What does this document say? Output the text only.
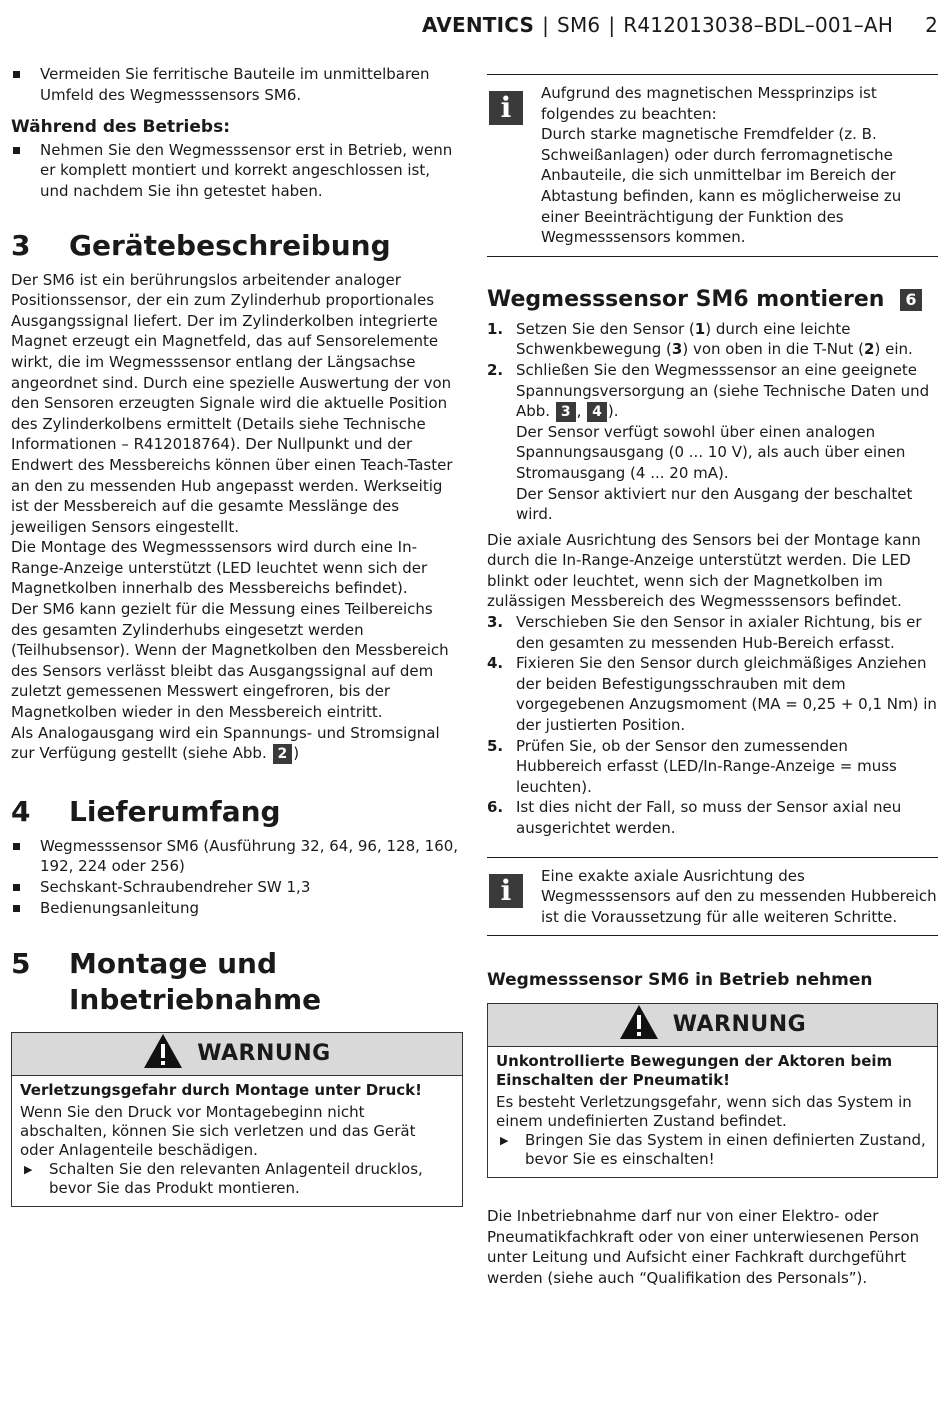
AVENTICS | SM6 | R412013038–BDL–001–AH 2
Vermeiden Sie ferritische Bauteile im unmittelbaren Umfeld des Wegmesssensors SM6.
Während des Betriebs:
Nehmen Sie den Wegmesssensor erst in Betrieb, wenn er komplett montiert und korrekt angeschlossen ist, und nachdem Sie ihn getestet haben.
3	Gerätebeschreibung

Der SM6 ist ein berührungslos arbeitender analoger Positionssensor, der ein zum Zylinderhub proportionales Ausgangssignal liefert. Der im Zylinderkolben integrierte Magnet erzeugt ein Magnetfeld, das auf Sensorelemente wirkt, die im Wegmesssensor entlang der Längsachse angeordnet sind. Durch eine spezielle Auswertung der von den Sensoren erzeugten Signale wird die aktuelle Position des Zylinderkolbens ermittelt (Details siehe Technische Informationen – R412018764). Der Nullpunkt und der Endwert des Messbereichs können über einen Teach-Taster an den zu messenden Hub angepasst werden. Werkseitig ist der Messbereich auf die gesamte Messlänge des jeweiligen Sensors eingestellt.

Die Montage des Wegmesssensors wird durch eine In-Range-Anzeige unterstützt (LED leuchtet wenn sich der Magnetkolben innerhalb des Messbereichs befindet).

Der SM6 kann gezielt für die Messung eines Teilbereichs des gesamten Zylinderhubs eingesetzt werden (Teilhubsensor). Wenn der Magnetkolben den Messbereich des Sensors verlässt bleibt das Ausgangssignal auf dem zuletzt gemessenen Messwert eingefroren, bis der Magnetkolben wieder in den Messbereich eintritt.

Als Analogausgang wird ein Spannungs- und Stromsignal zur Verfügung gestellt (siehe Abb. 2 )

4	Lieferumfang
Wegmesssensor SM6 (Ausführung 32, 64, 96, 128, 160, 192, 224 oder 256)
Sechskant-Schraubendreher SW 1,3
Bedienungsanleitung
5	Montage und
Inbetriebnahme
WARNUNG
Verletzungsgefahr durch Montage unter Druck!

Wenn Sie den Druck vor Montagebeginn nicht abschalten, können Sie sich verletzen und das Gerät oder Anlagenteile beschädigen.

▶	Schalten Sie den relevanten Anlagenteil drucklos, bevor Sie das Produkt montieren.
i	Aufgrund des magnetischen Messprinzips ist folgendes zu beachten:

Durch starke magnetische Fremdfelder (z. B. Schweißanlagen) oder durch ferromagnetische Anbauteile, die sich unmittelbar im Bereich der Abtastung befinden, kann es möglicherweise zu einer Beeinträchtigung der Funktion des Wegmesssensors kommen.

Wegmesssensor SM6 montieren	6
1. Setzen Sie den Sensor (1) durch eine leichte Schwenkbewegung (3) von oben in die T-Nut (2) ein.
2. Schließen Sie den Wegmesssensor an eine geeignete Spannungsversorgung an (siehe Technische Daten und Abb. 3 , 4 ).
Der Sensor verfügt sowohl über einen analogen Spannungsausgang (0 ... 10 V), als auch über einen Stromausgang (4 ... 20 mA).
Der Sensor aktiviert nur den Ausgang der beschaltet wird.

Die axiale Ausrichtung des Sensors bei der Montage kann durch die In-Range-Anzeige unterstützt werden. Die LED blinkt oder leuchtet, wenn sich der Magnetkolben im zulässigen Messbereich des Wegmesssensors befindet.

3. Verschieben Sie den Sensor in axialer Richtung, bis er den gesamten zu messenden Hub-Bereich erfasst.
4. Fixieren Sie den Sensor durch gleichmäßiges Anziehen der beiden Befestigungsschrauben mit dem vorgegebenen Anzugsmoment (MA = 0,25 + 0,1 Nm) in der justierten Position.
5. Prüfen Sie, ob der Sensor den zumessenden Hubbereich erfasst (LED/In-Range-Anzeige = muss leuchten).
6. Ist dies nicht der Fall, so muss der Sensor axial neu ausgerichtet werden.
i	Eine exakte axiale Ausrichtung des Wegmesssensors auf den zu messenden Hubbereich ist die Voraussetzung für alle weiteren Schritte.

Wegmesssensor SM6 in Betrieb nehmen
WARNUNG
Unkontrollierte Bewegungen der Aktoren beim Einschalten der Pneumatik!

Es besteht Verletzungsgefahr, wenn sich das System in einem undefinierten Zustand befindet.

▶	Bringen Sie das System in einen definierten Zustand, bevor Sie es einschalten!

Die Inbetriebnahme darf nur von einer Elektro- oder Pneumatikfachkraft oder von einer unterwiesenen Person unter Leitung und Aufsicht einer Fachkraft durchgeführt werden (siehe auch “Qualifikation des Personals”).
